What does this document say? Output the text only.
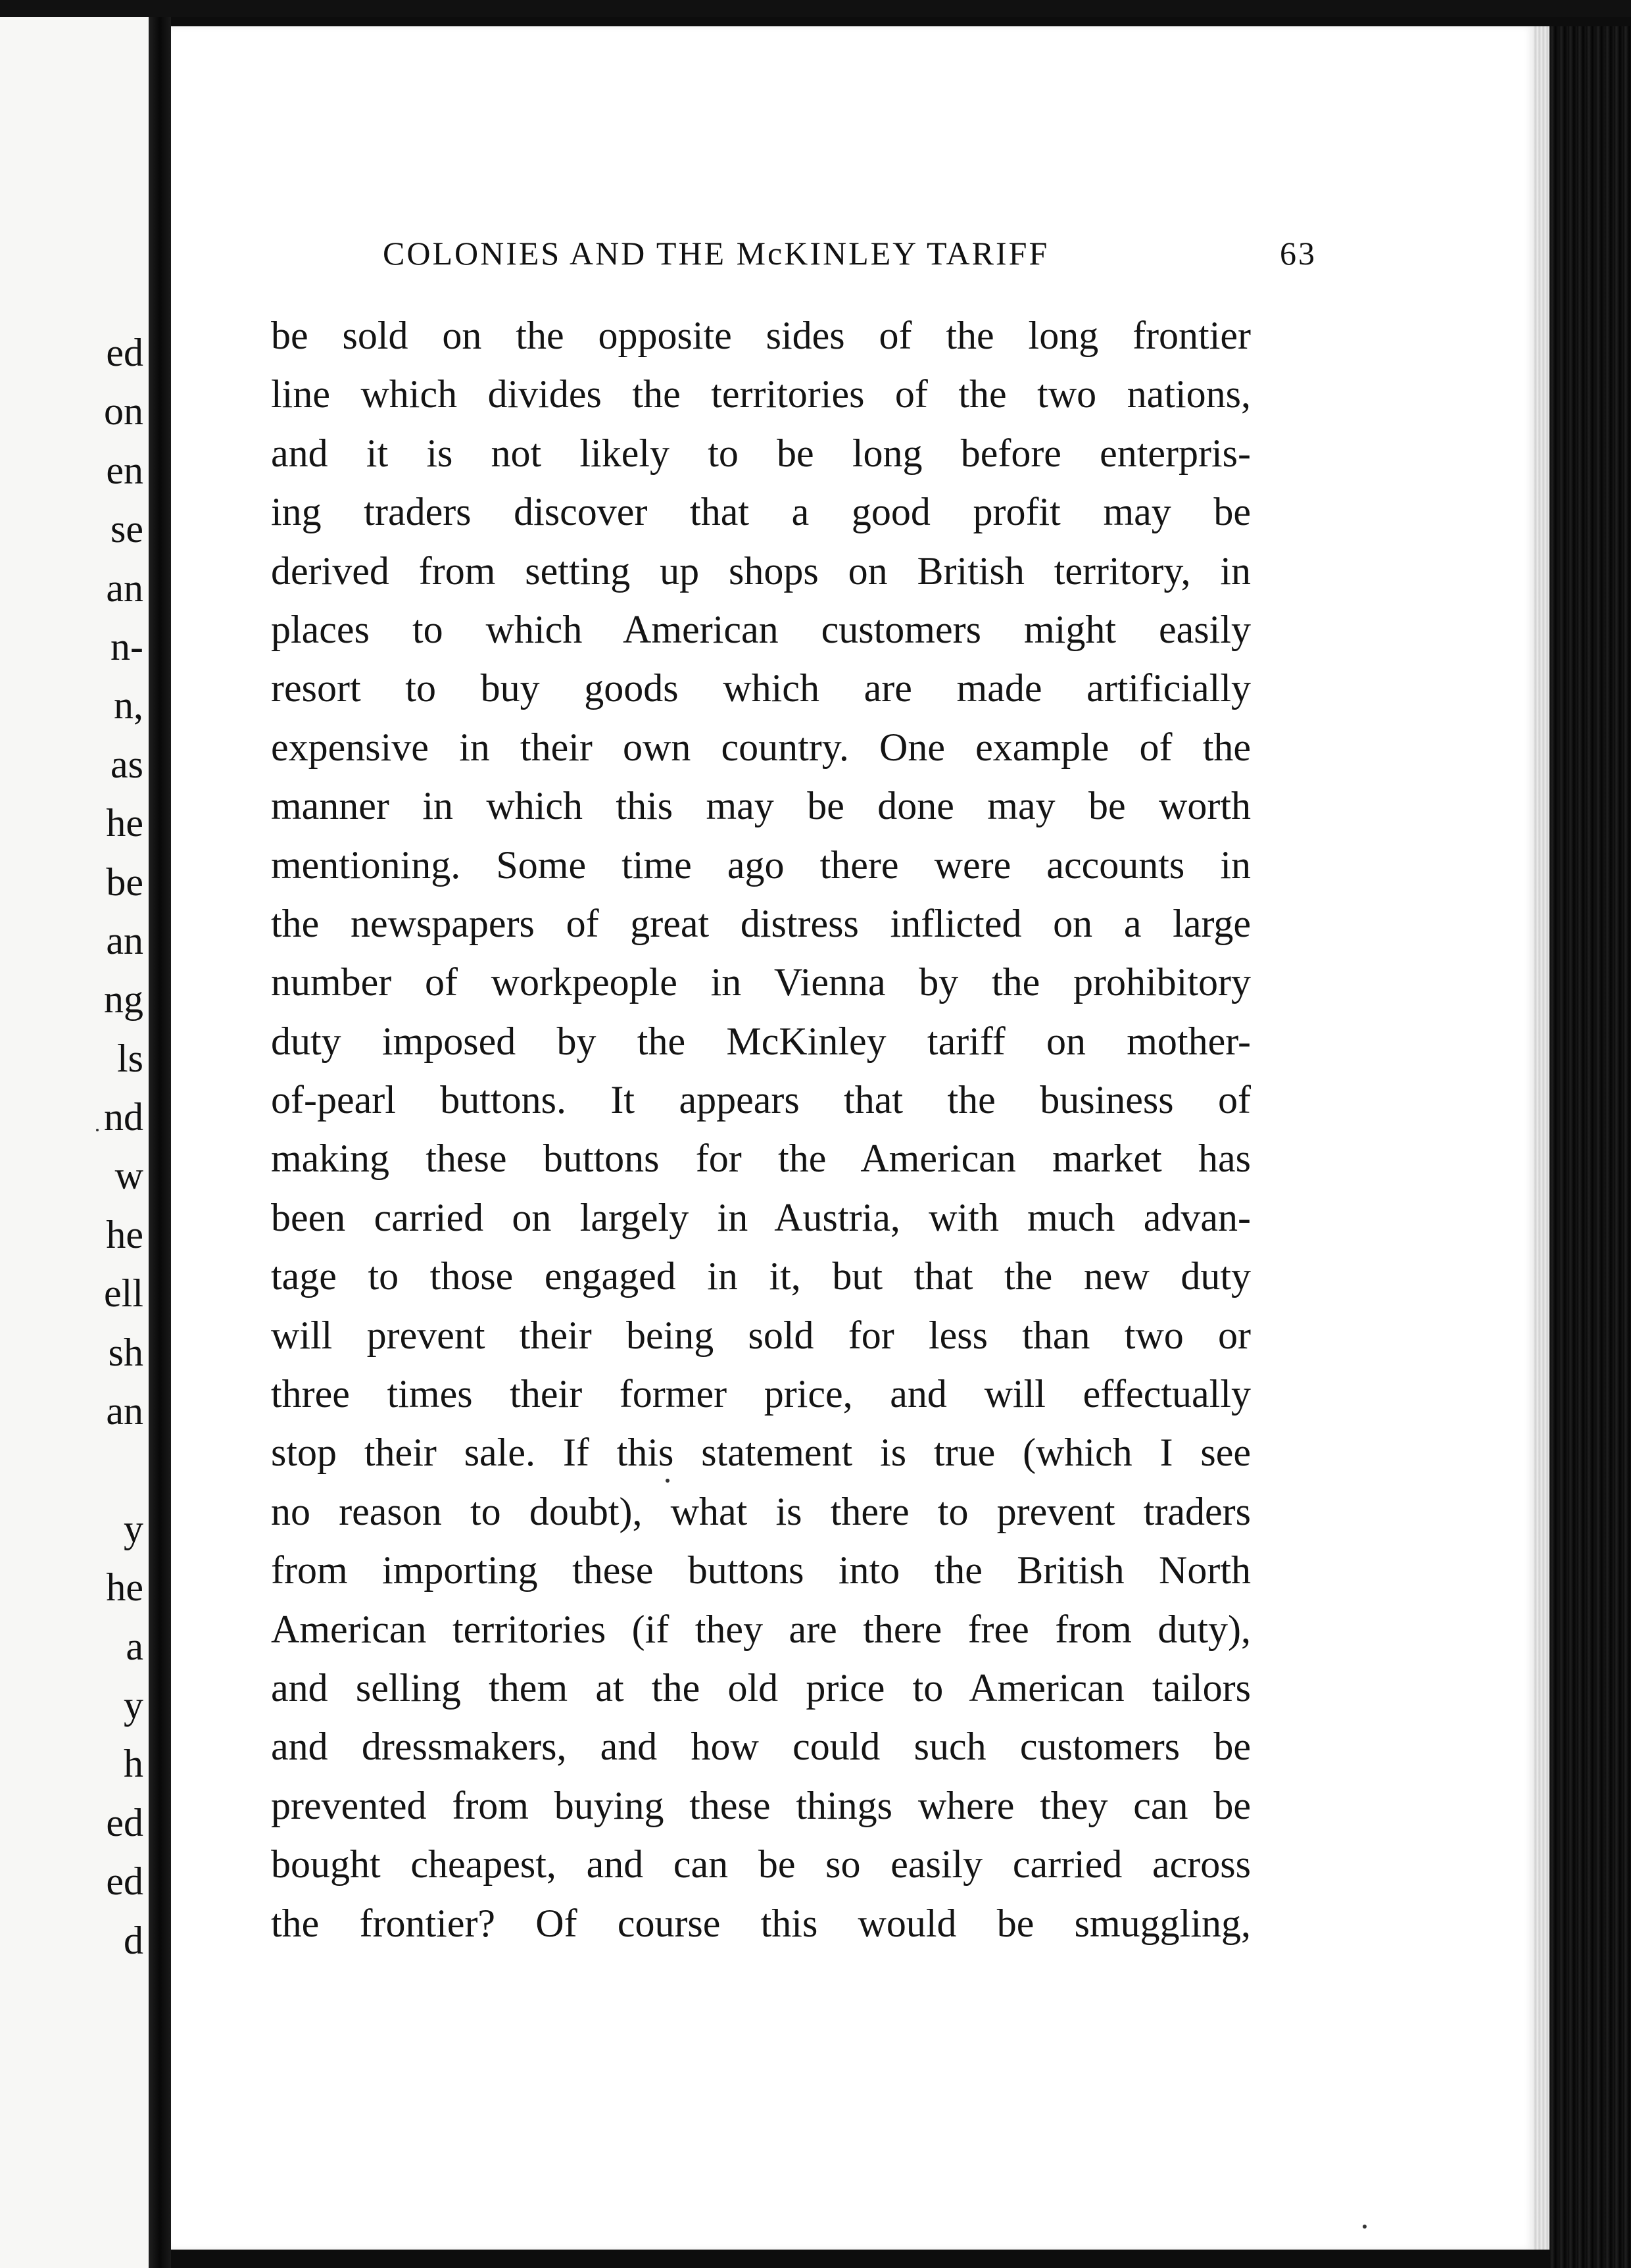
ed
on
en
se
an
n-
n,
as
he
be
an
ng
ls
nd
w
he
ell
sh
an
y
he
a
y
h
ed
ed
d
COLONIES AND THE McKINLEY TARIFF	63
be sold on the opposite sides of the long frontier
line which divides the territories of the two nations,
and it is not likely to be long before enterpris-
ing traders discover that a good profit may be
derived from setting up shops on British territory, in
places to which American customers might easily
resort to buy goods which are made artificially
expensive in their own country. One example of the
manner in which this may be done may be worth
mentioning. Some time ago there were accounts in
the newspapers of great distress inflicted on a large
number of workpeople in Vienna by the prohibitory
duty imposed by the McKinley tariff on mother-
of-pearl buttons. It appears that the business of
making these buttons for the American market has
been carried on largely in Austria, with much advan-
tage to those engaged in it, but that the new duty
will prevent their being sold for less than two or
three times their former price, and will effectually
stop their sale. If this statement is true (which I see
no reason to doubt), what is there to prevent traders
from importing these buttons into the British North
American territories (if they are there free from duty),
and selling them at the old price to American tailors
and dressmakers, and how could such customers be
prevented from buying these things where they can be
bought cheapest, and can be so easily carried across
the frontier? Of course this would be smuggling,
